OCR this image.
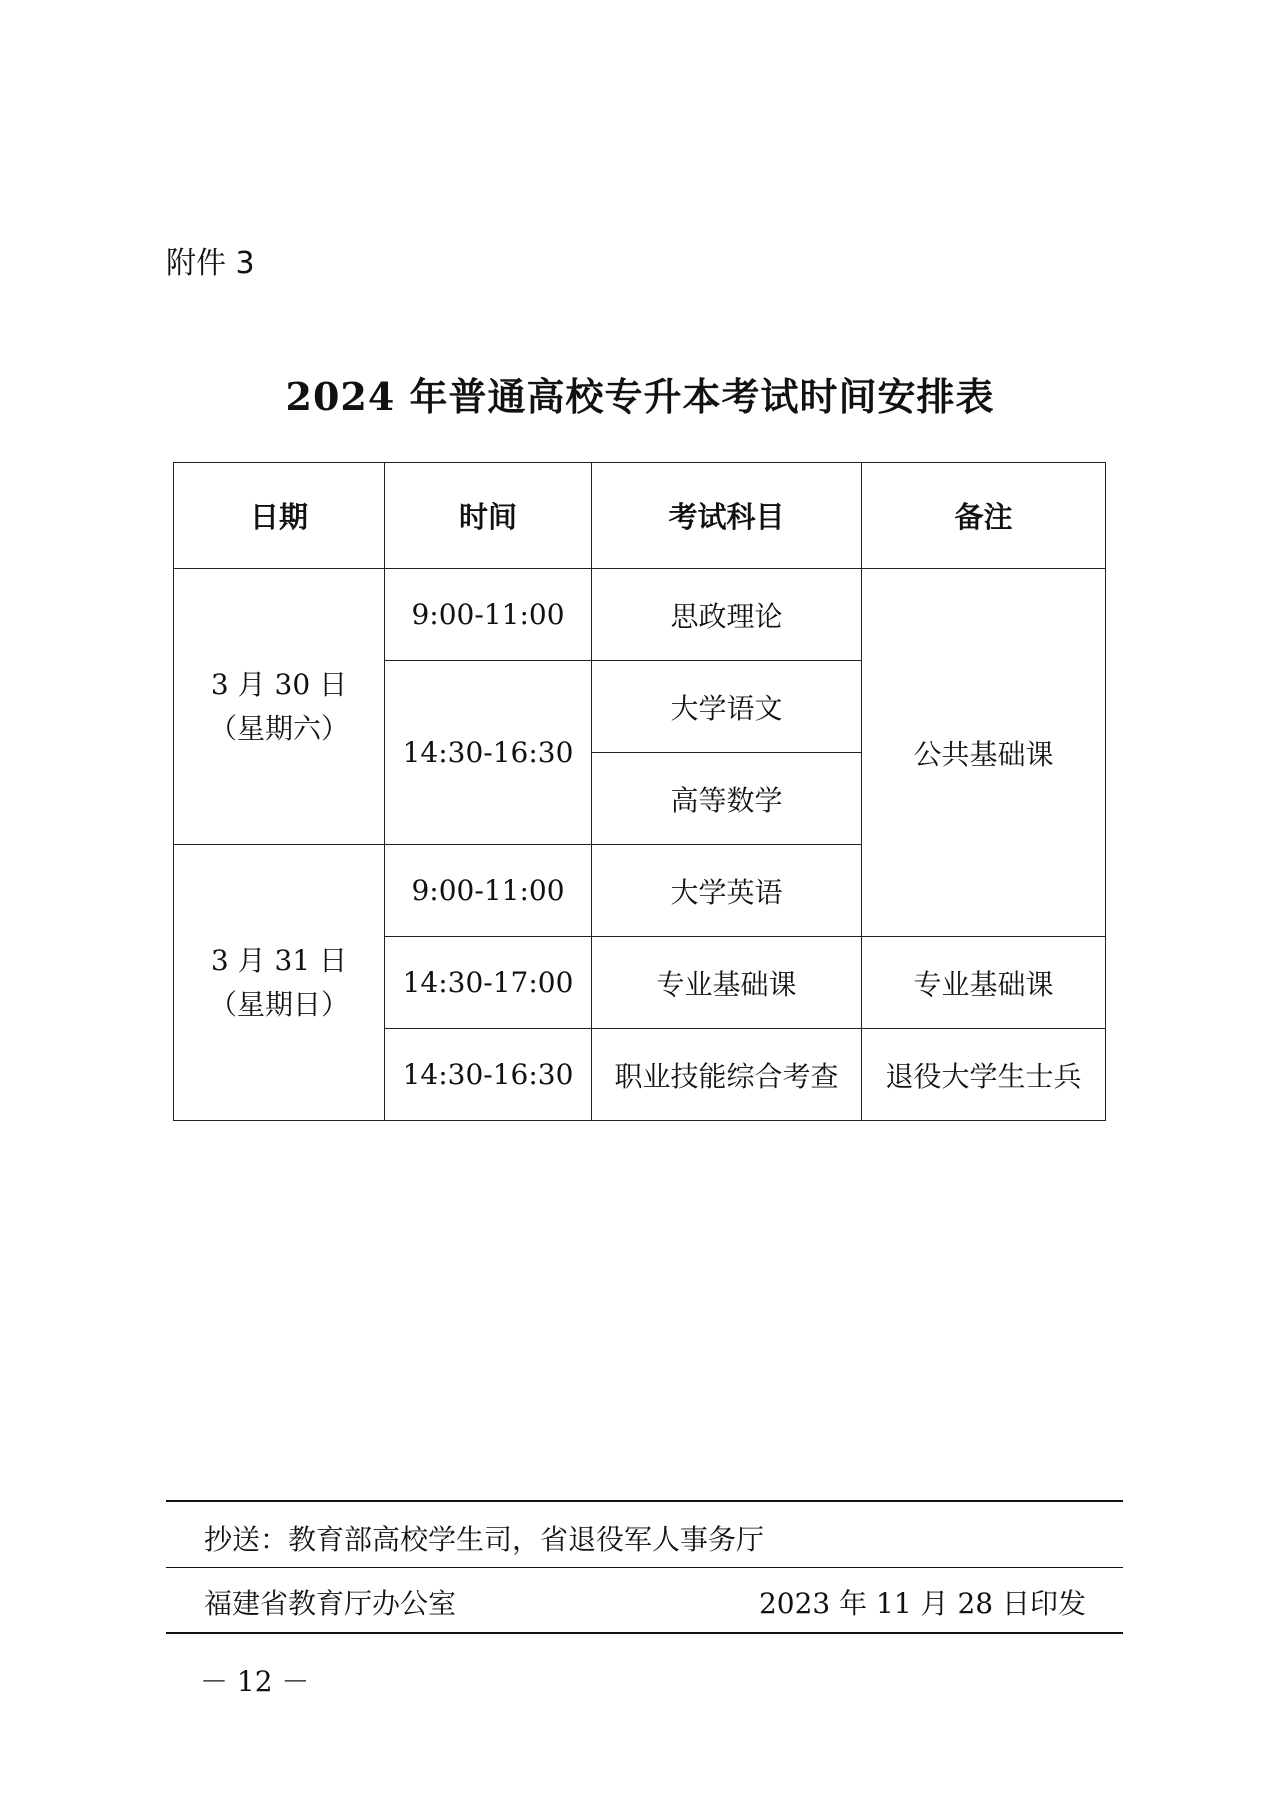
附件 3
2024 年普通高校专升本考试时间安排表
日期	时间	考试科目	备注

3 月 30 日
（星期六）	9:00-11:00	思政理论	公共基础课
	14:30-16:30	大学语文	
		高等数学	

3 月 31 日
（星期日）	9:00-11:00	大学英语	
	14:30-17:00	专业基础课	专业基础课
	14:30-16:30	职业技能综合考查	退役大学生士兵
抄送：教育部高校学生司，省退役军人事务厅
福建省教育厅办公室	2023 年 11 月 28 日印发
－ 12 －
